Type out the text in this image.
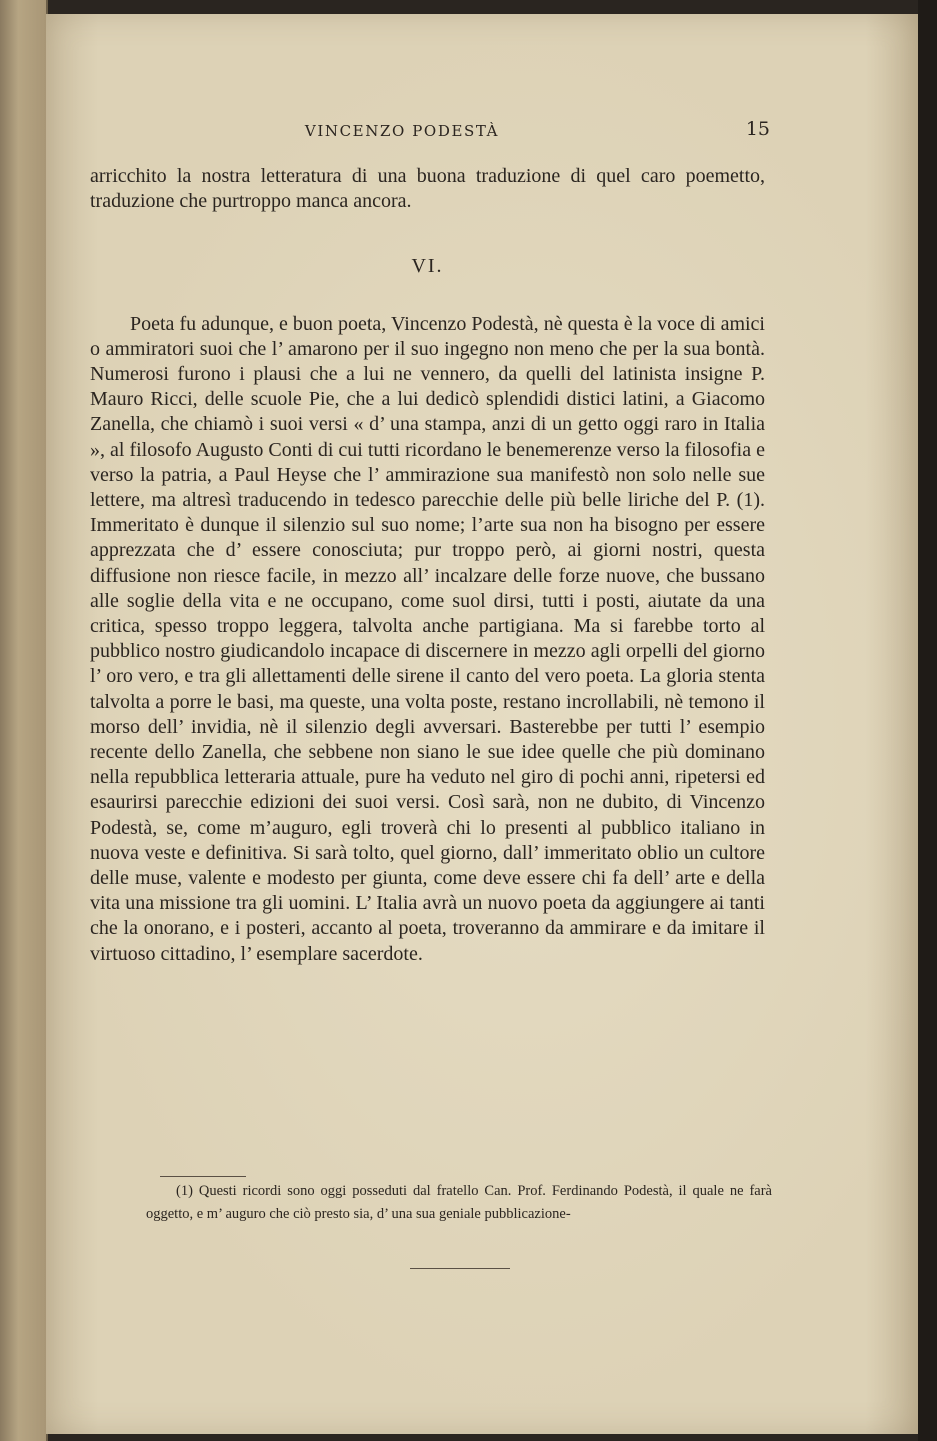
VINCENZO PODESTÀ	15

arricchito la nostra letteratura di una buona traduzione di quel caro poemetto, traduzione che purtroppo manca ancora.

VI.

Poeta fu adunque, e buon poeta, Vincenzo Podestà, nè questa è la voce di amici o ammiratori suoi che l’ amarono per il suo ingegno non meno che per la sua bontà. Numerosi furono i plausi che a lui ne vennero, da quelli del latinista insigne P. Mauro Ricci, delle scuole Pie, che a lui dedicò splendidi distici latini, a Giacomo Zanella, che chiamò i suoi versi « d’ una stampa, anzi di un getto oggi raro in Italia », al filosofo Augusto Conti di cui tutti ricordano le benemerenze verso la filosofia e verso la patria, a Paul Heyse che l’ ammirazione sua manifestò non solo nelle sue lettere, ma altresì traducendo in tedesco parecchie delle più belle liriche del P. (1). Immeritato è dunque il silenzio sul suo nome; l’arte sua non ha bisogno per essere apprezzata che d’ essere conosciuta; pur troppo però, ai giorni nostri, questa diffusione non riesce facile, in mezzo all’ incalzare delle forze nuove, che bussano alle soglie della vita e ne occupano, come suol dirsi, tutti i posti, aiutate da una critica, spesso troppo leggera, talvolta anche partigiana. Ma si farebbe torto al pubblico nostro giudicandolo incapace di discernere in mezzo agli orpelli del giorno l’ oro vero, e tra gli allettamenti delle sirene il canto del vero poeta. La gloria stenta talvolta a porre le basi, ma queste, una volta poste, restano incrollabili, nè temono il morso dell’ invidia, nè il silenzio degli avversari. Basterebbe per tutti l’ esempio recente dello Zanella, che sebbene non siano le sue idee quelle che più dominano nella repubblica letteraria attuale, pure ha veduto nel giro di pochi anni, ripetersi ed esaurirsi parecchie edizioni dei suoi versi. Così sarà, non ne dubito, di Vincenzo Podestà, se, come m’auguro, egli troverà chi lo presenti al pubblico italiano in nuova veste e definitiva. Si sarà tolto, quel giorno, dall’ immeritato oblio un cultore delle muse, valente e modesto per giunta, come deve essere chi fa dell’ arte e della vita una missione tra gli uomini. L’ Italia avrà un nuovo poeta da aggiungere ai tanti che la onorano, e i posteri, accanto al poeta, troveranno da ammirare e da imitare il virtuoso cittadino, l’ esemplare sacerdote.

(1) Questi ricordi sono oggi posseduti dal fratello Can. Prof. Ferdinando Podestà, il quale ne farà oggetto, e m’ auguro che ciò presto sia, d’ una sua geniale pubblicazione-
